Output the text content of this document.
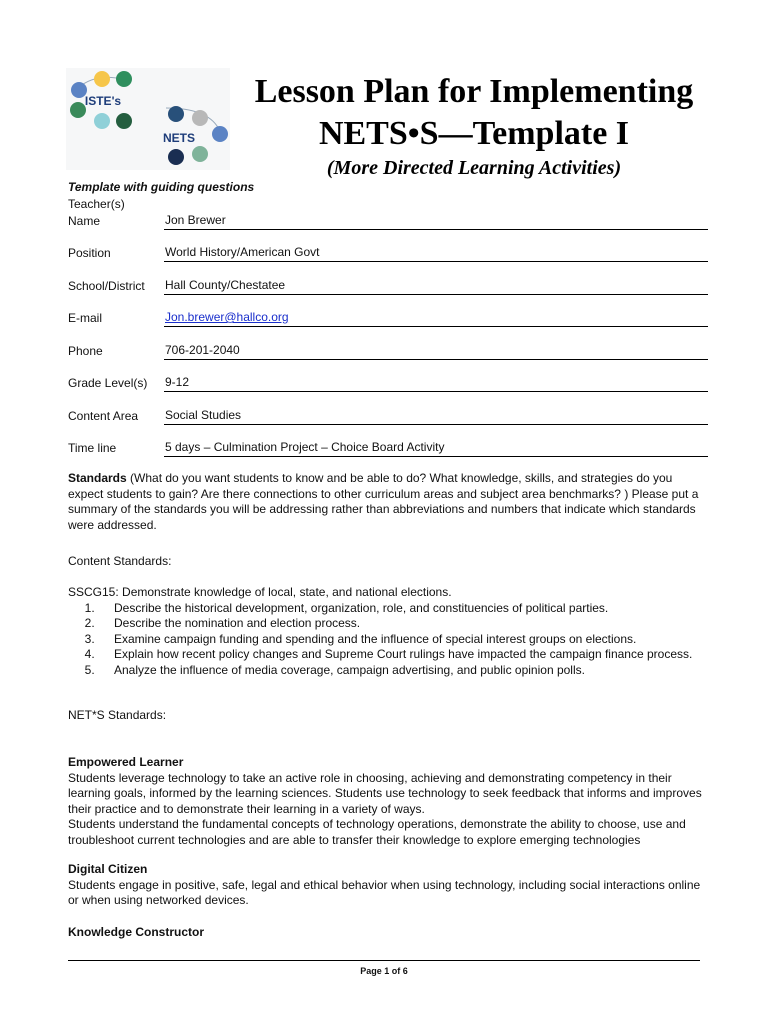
ISTE's
NETS
Lesson Plan for Implementing
NETS•S—Template I
(More Directed Learning Activities)
Template with guiding questions
Teacher(s)
Name	Jon Brewer
Position	World History/American Govt
School/District Hall County/Chestatee
E-mail	Jon.brewer@hallco.org
Phone	706-201-2040
Grade Level(s) 9-12
Content Area Social Studies
Time line	5 days – Culmination Project – Choice Board Activity

Standards (What do you want students to know and be able to do? What knowledge, skills, and strategies do you expect students to gain? Are there connections to other curriculum areas and subject area benchmarks? ) Please put a summary of the standards you will be addressing rather than abbreviations and numbers that indicate which standards were addressed.

Content Standards:

SSCG15: Demonstrate knowledge of local, state, and national elections.

1. Describe the historical development, organization, role, and constituencies of political parties.
2. Describe the nomination and election process.
3. Examine campaign funding and spending and the influence of special interest groups on elections.
4. Explain how recent policy changes and Supreme Court rulings have impacted the campaign finance process.
5. Analyze the influence of media coverage, campaign advertising, and public opinion polls.
NET*S Standards:

Empowered Learner

Students leverage technology to take an active role in choosing, achieving and demonstrating competency in their learning goals, informed by the learning sciences. Students use technology to seek feedback that informs and improves their practice and to demonstrate their learning in a variety of ways.

Students understand the fundamental concepts of technology operations, demonstrate the ability to choose, use and troubleshoot current technologies and are able to transfer their knowledge to explore emerging technologies

Digital Citizen

Students engage in positive, safe, legal and ethical behavior when using technology, including social interactions online or when using networked devices.

Knowledge Constructor
Page 1 of 6
